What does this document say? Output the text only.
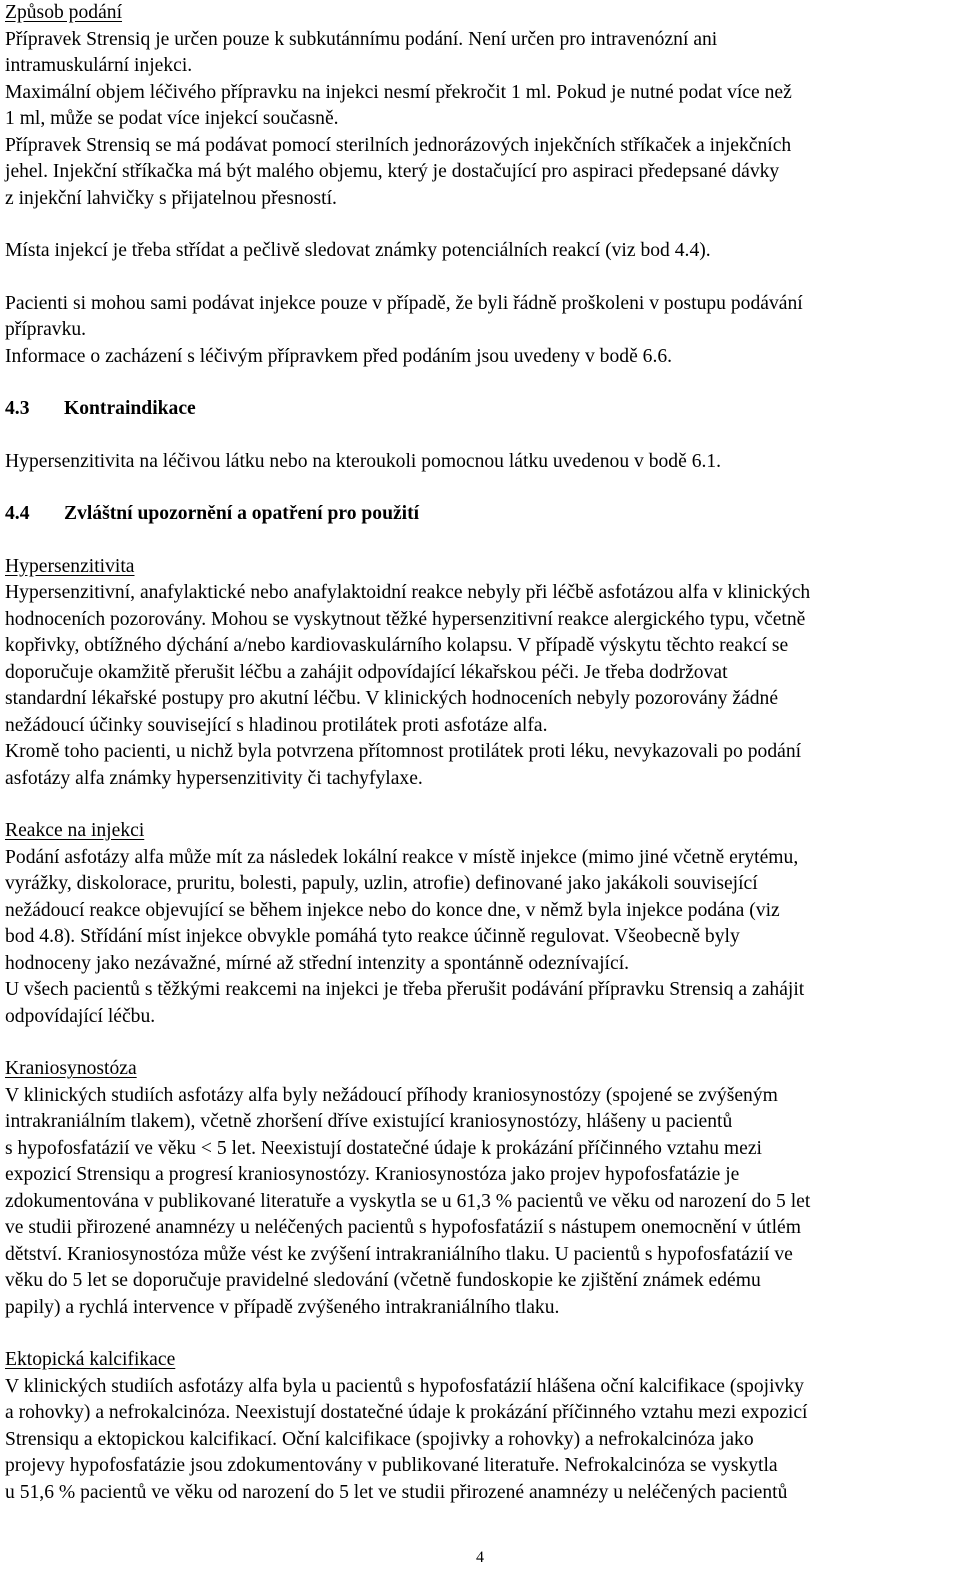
Způsob podání

Přípravek Strensiq je určen pouze k subkutánnímu podání. Není určen pro intravenózní ani

intramuskulární injekci.

Maximální objem léčivého přípravku na injekci nesmí překročit 1 ml. Pokud je nutné podat více než

1 ml, může se podat více injekcí současně.

Přípravek Strensiq se má podávat pomocí sterilních jednorázových injekčních stříkaček a injekčních

jehel. Injekční stříkačka má být malého objemu, který je dostačující pro aspiraci předepsané dávky

z injekční lahvičky s přijatelnou přesností.

Místa injekcí je třeba střídat a pečlivě sledovat známky potenciálních reakcí (viz bod 4.4).

Pacienti si mohou sami podávat injekce pouze v případě, že byli řádně proškoleni v postupu podávání

přípravku.

Informace o zacházení s léčivým přípravkem před podáním jsou uvedeny v bodě 6.6.

4.3	Kontraindikace

Hypersenzitivita na léčivou látku nebo na kteroukoli pomocnou látku uvedenou v bodě 6.1.

4.4	Zvláštní upozornění a opatření pro použití

Hypersenzitivita

Hypersenzitivní, anafylaktické nebo anafylaktoidní reakce nebyly při léčbě asfotázou alfa v klinických

hodnoceních pozorovány. Mohou se vyskytnout těžké hypersenzitivní reakce alergického typu, včetně

kopřivky, obtížného dýchání a/nebo kardiovaskulárního kolapsu. V případě výskytu těchto reakcí se

doporučuje okamžitě přerušit léčbu a zahájit odpovídající lékařskou péči. Je třeba dodržovat

standardní lékařské postupy pro akutní léčbu. V klinických hodnoceních nebyly pozorovány žádné

nežádoucí účinky související s hladinou protilátek proti asfotáze alfa.

Kromě toho pacienti, u nichž byla potvrzena přítomnost protilátek proti léku, nevykazovali po podání

asfotázy alfa známky hypersenzitivity či tachyfylaxe.

Reakce na injekci

Podání asfotázy alfa může mít za následek lokální reakce v místě injekce (mimo jiné včetně erytému,

vyrážky, diskolorace, pruritu, bolesti, papuly, uzlin, atrofie) definované jako jakákoli související

nežádoucí reakce objevující se během injekce nebo do konce dne, v němž byla injekce podána (viz

bod 4.8). Střídání míst injekce obvykle pomáhá tyto reakce účinně regulovat. Všeobecně byly

hodnoceny jako nezávažné, mírné až střední intenzity a spontánně odeznívající.

U všech pacientů s těžkými reakcemi na injekci je třeba přerušit podávání přípravku Strensiq a zahájit

odpovídající léčbu.

Kraniosynostóza

V klinických studiích asfotázy alfa byly nežádoucí příhody kraniosynostózy (spojené se zvýšeným

intrakraniálním tlakem), včetně zhoršení dříve existující kraniosynostózy, hlášeny u pacientů

s hypofosfatázií ve věku < 5 let. Neexistují dostatečné údaje k prokázání příčinného vztahu mezi

expozicí Strensiqu a progresí kraniosynostózy. Kraniosynostóza jako projev hypofosfatázie je

zdokumentována v publikované literatuře a vyskytla se u 61,3 % pacientů ve věku od narození do 5 let

ve studii přirozené anamnézy u neléčených pacientů s hypofosfatázií s nástupem onemocnění v útlém

dětství. Kraniosynostóza může vést ke zvýšení intrakraniálního tlaku. U pacientů s hypofosfatázií ve

věku do 5 let se doporučuje pravidelné sledování (včetně fundoskopie ke zjištění známek edému

papily) a rychlá intervence v případě zvýšeného intrakraniálního tlaku.

Ektopická kalcifikace

V klinických studiích asfotázy alfa byla u pacientů s hypofosfatázií hlášena oční kalcifikace (spojivky

a rohovky) a nefrokalcinóza. Neexistují dostatečné údaje k prokázání příčinného vztahu mezi expozicí

Strensiqu a ektopickou kalcifikací. Oční kalcifikace (spojivky a rohovky) a nefrokalcinóza jako

projevy hypofosfatázie jsou zdokumentovány v publikované literatuře. Nefrokalcinóza se vyskytla

u 51,6 % pacientů ve věku od narození do 5 let ve studii přirozené anamnézy u neléčených pacientů

4
